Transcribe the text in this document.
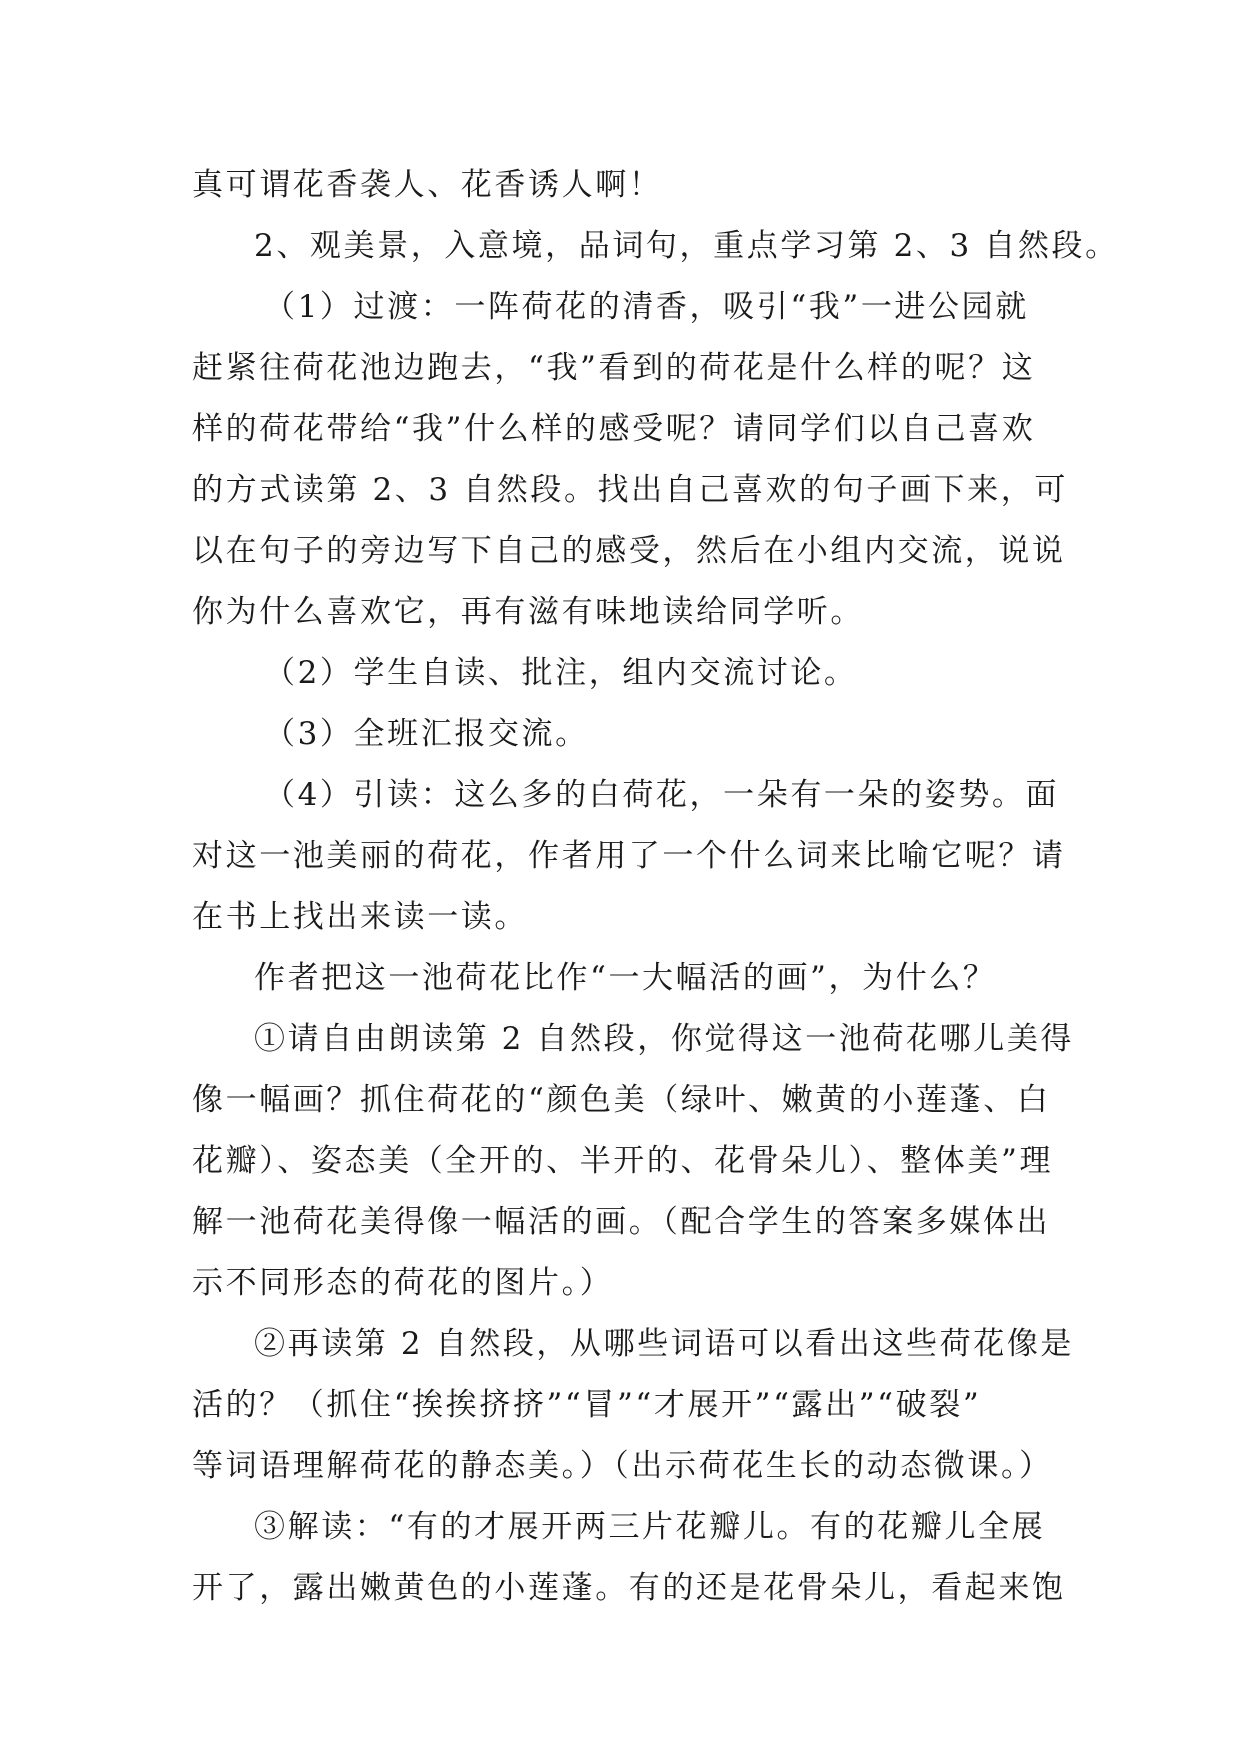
真可谓花香袭人、花香诱人啊！
2、观美景，入意境，品词句，重点学习第 2、3 自然段。
（1）过渡：一阵荷花的清香，吸引“我”一进公园就
赶紧往荷花池边跑去，“我”看到的荷花是什么样的呢？这
样的荷花带给“我”什么样的感受呢？请同学们以自己喜欢
的方式读第 2、3 自然段。找出自己喜欢的句子画下来，可
以在句子的旁边写下自己的感受，然后在小组内交流，说说
你为什么喜欢它，再有滋有味地读给同学听。
（2）学生自读、批注，组内交流讨论。
（3）全班汇报交流。
（4）引读：这么多的白荷花，一朵有一朵的姿势。面
对这一池美丽的荷花，作者用了一个什么词来比喻它呢？请
在书上找出来读一读。
作者把这一池荷花比作“一大幅活的画”，为什么？
①请自由朗读第 2 自然段，你觉得这一池荷花哪儿美得
像一幅画？抓住荷花的“颜色美（绿叶、嫩黄的小莲蓬、白
花瓣）、姿态美（全开的、半开的、花骨朵儿）、整体美”理
解一池荷花美得像一幅活的画。（配合学生的答案多媒体出
示不同形态的荷花的图片。）
②再读第 2 自然段，从哪些词语可以看出这些荷花像是
活的？（抓住“挨挨挤挤”“冒”“才展开”“露出”“破裂”
等词语理解荷花的静态美。）（出示荷花生长的动态微课。）
③解读：“有的才展开两三片花瓣儿。有的花瓣儿全展
开了，露出嫩黄色的小莲蓬。有的还是花骨朵儿，看起来饱
